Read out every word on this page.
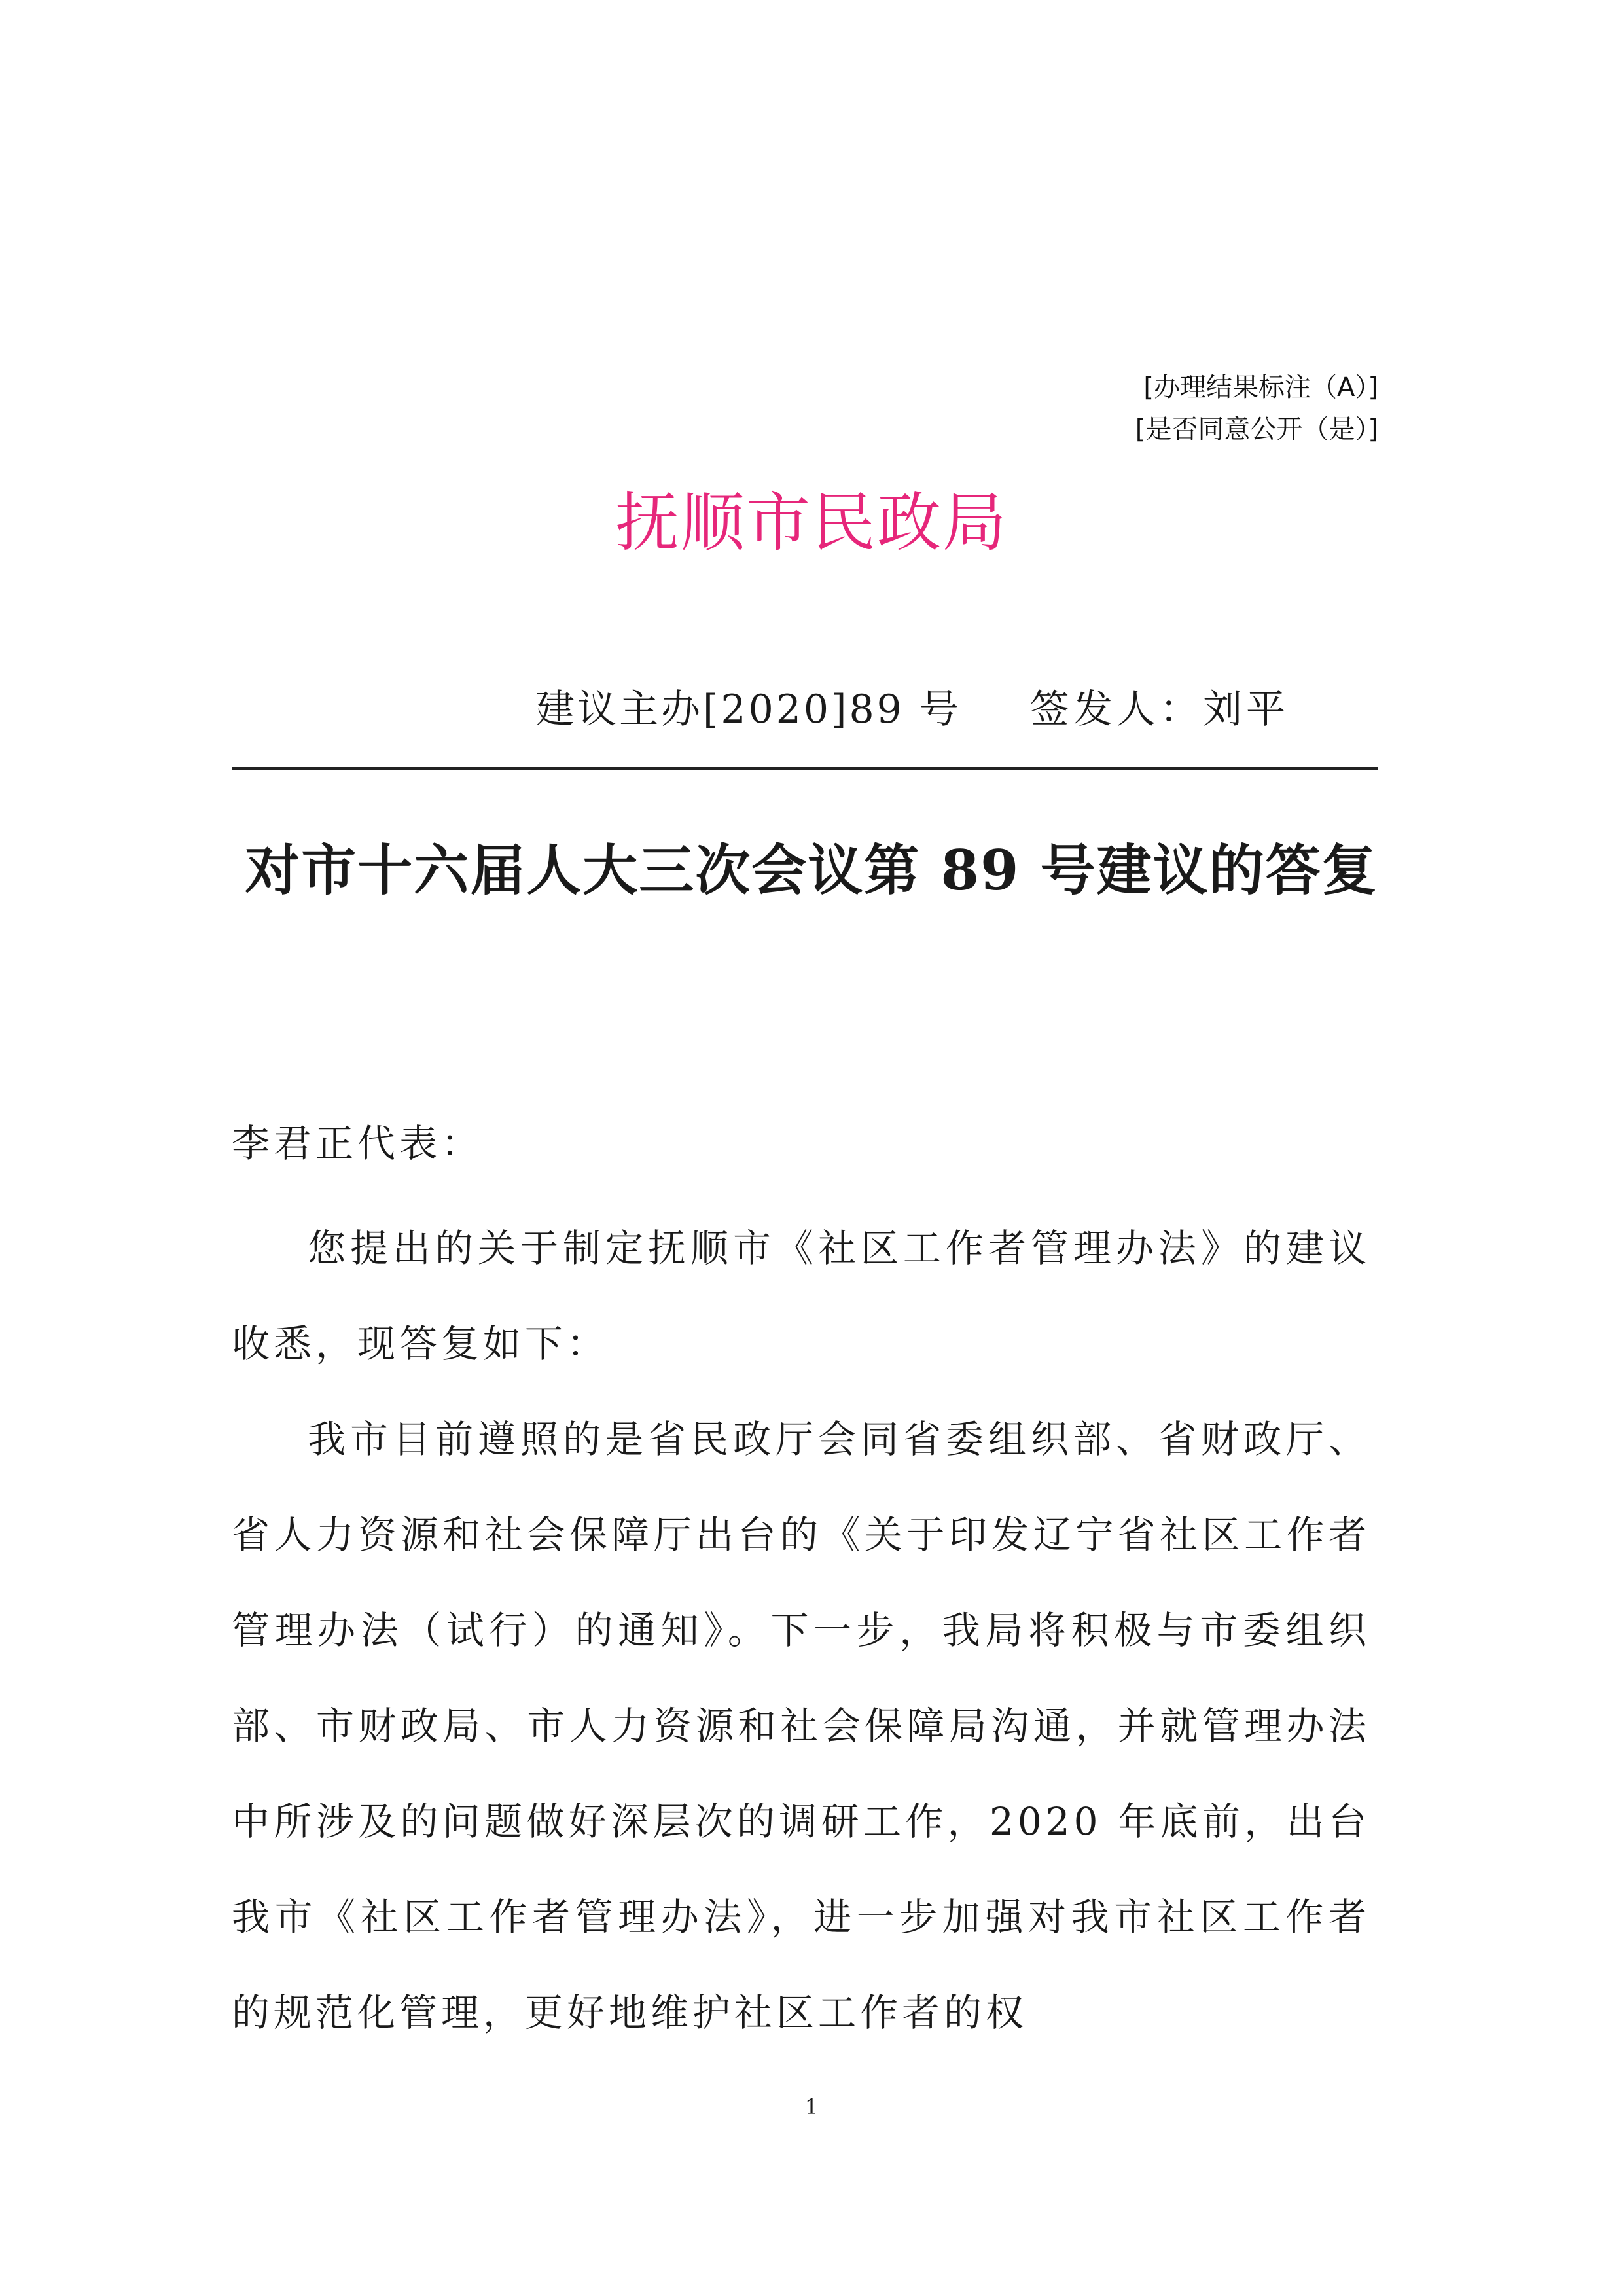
[办理结果标注（A）]
[是否同意公开（是）]
抚顺市民政局
建议主办[2020]89 号 签发人：刘平
对市十六届人大三次会议第 89 号建议的答复
李君正代表：

您提出的关于制定抚顺市《社区工作者管理办法》的建议收悉，现答复如下：

我市目前遵照的是省民政厅会同省委组织部、省财政厅、省人力资源和社会保障厅出台的《关于印发辽宁省社区工作者管理办法（试行）的通知》。下一步，我局将积极与市委组织部、市财政局、市人力资源和社会保障局沟通，并就管理办法中所涉及的问题做好深层次的调研工作，2020 年底前，出台我市《社区工作者管理办法》，进一步加强对我市社区工作者的规范化管理，更好地维护社区工作者的权

1
